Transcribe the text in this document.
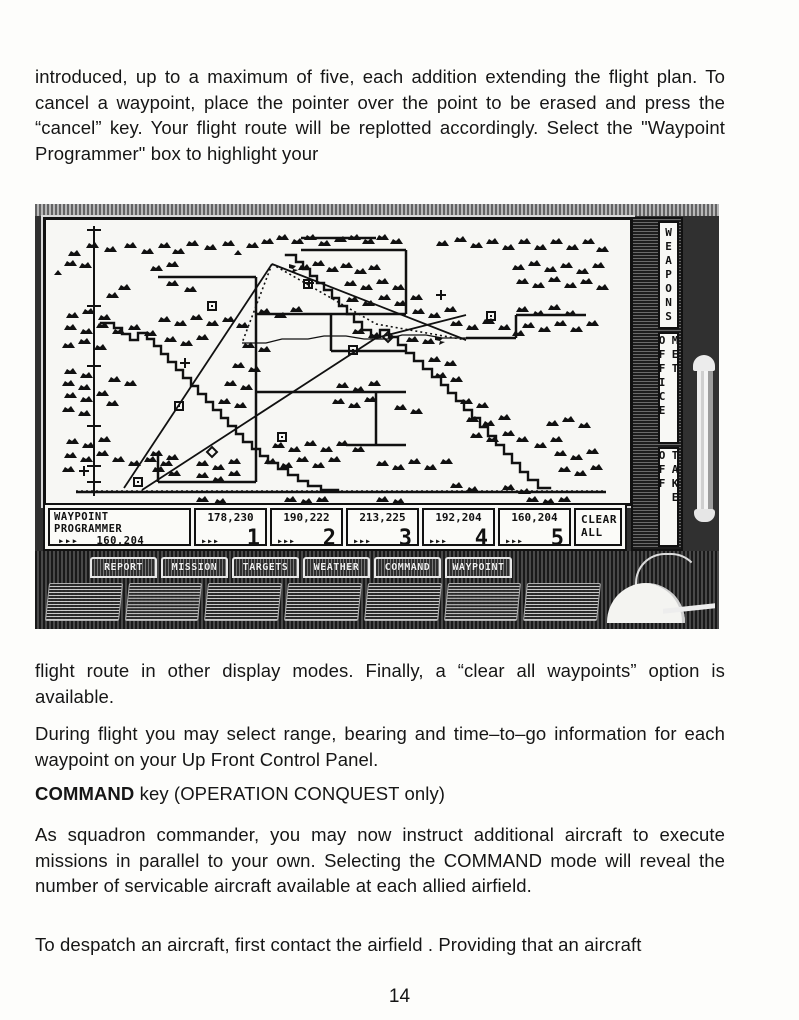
introduced, up to a maximum of five, each addition extending the flight plan. To cancel a waypoint, place the pointer over the point to be erased and press the “cancel” key. Your flight route will be replotted accordingly. Select the "Waypoint Programmer" box to highlight your
WAYPOINT
PROGRAMMER
▸▸▸ 160,204
178,230
▸▸▸ 1
190,222
▸▸▸ 2
213,225
▸▸▸ 3
192,204
▸▸▸ 4
160,204
▸▸▸ 5
CLEAR
ALL
WEAPONS
MET OFFICE
TAKE OFF
REPORT	MISSION	TARGETS	WEATHER	COMMAND	WAYPOINT
flight route in other display modes. Finally, a “clear all waypoints” option is available.
During flight you may select range, bearing and time–to–go information for each waypoint on your Up Front Control Panel.
COMMAND key (OPERATION CONQUEST only)
As squadron commander, you may now instruct additional aircraft to execute missions in parallel to your own. Selecting the COMMAND mode will reveal the number of servicable aircraft available at each allied airfield.
To despatch an aircraft, first contact the airfield . Providing that an aircraft
14
